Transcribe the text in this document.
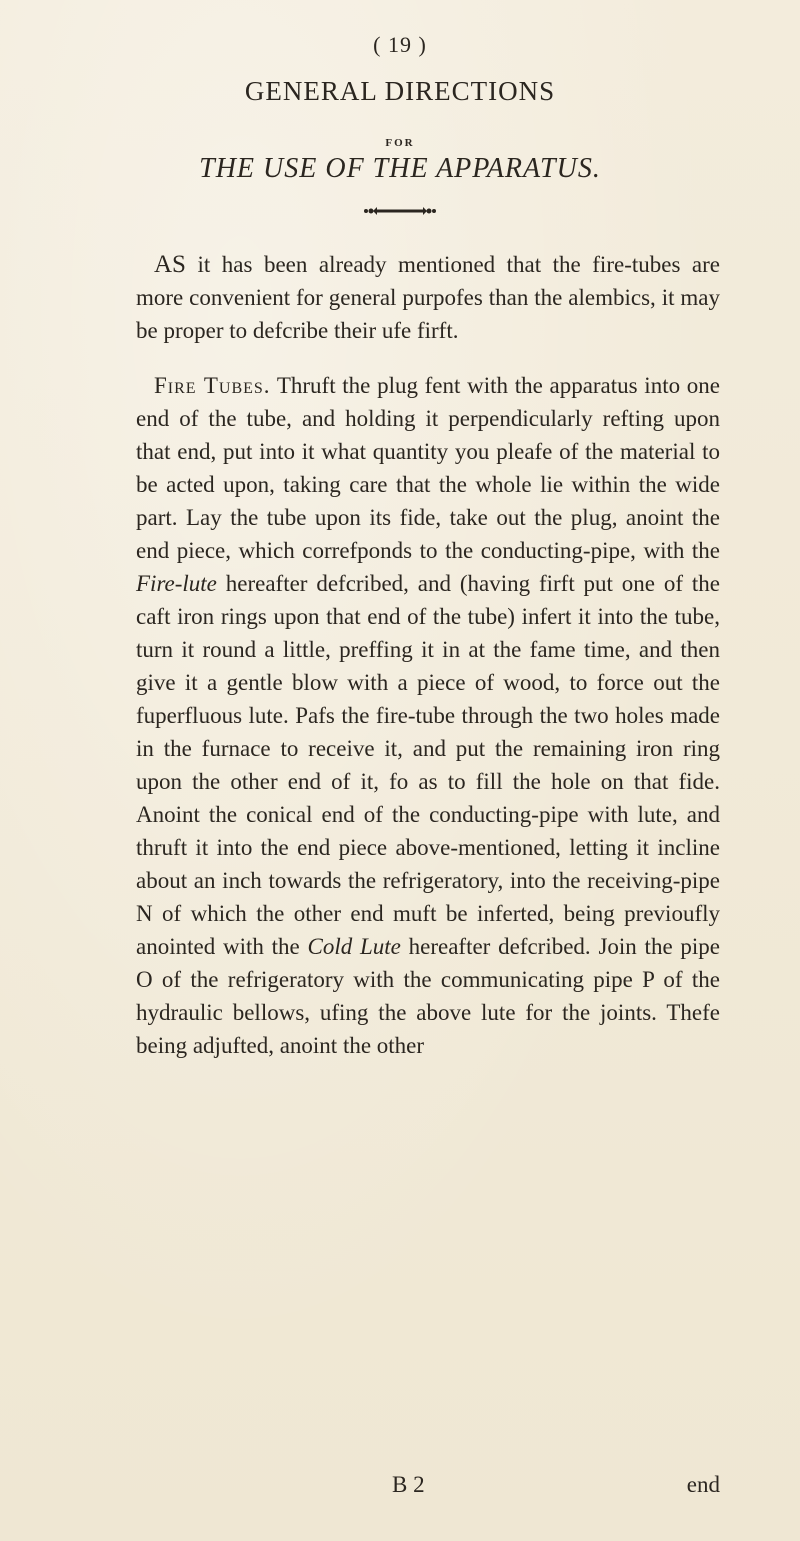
( 19 )
GENERAL DIRECTIONS
FOR
THE USE OF THE APPARATUS.

AS it has been already mentioned that the fire-tubes are more convenient for general purpofes than the alembics, it may be proper to defcribe their ufe firft.

Fire Tubes. Thruft the plug fent with the apparatus into one end of the tube, and holding it perpendicularly refting upon that end, put into it what quantity you pleafe of the material to be acted upon, taking care that the whole lie within the wide part. Lay the tube upon its fide, take out the plug, anoint the end piece, which correfponds to the conducting-pipe, with the Fire-lute hereafter defcribed, and (having firft put one of the caft iron rings upon that end of the tube) infert it into the tube, turn it round a little, preffing it in at the fame time, and then give it a gentle blow with a piece of wood, to force out the fuperfluous lute. Pafs the fire-tube through the two holes made in the furnace to receive it, and put the remaining iron ring upon the other end of it, fo as to fill the hole on that fide. Anoint the conical end of the conducting-pipe with lute, and thruft it into the end piece above-mentioned, letting it incline about an inch towards the refrigeratory, into the receiving-pipe N of which the other end muft be inferted, being previoufly anointed with the Cold Lute hereafter defcribed. Join the pipe O of the refrigeratory with the communicating pipe P of the hydraulic bellows, ufing the above lute for the joints. Thefe being adjufted, anoint the other

B 2	end
